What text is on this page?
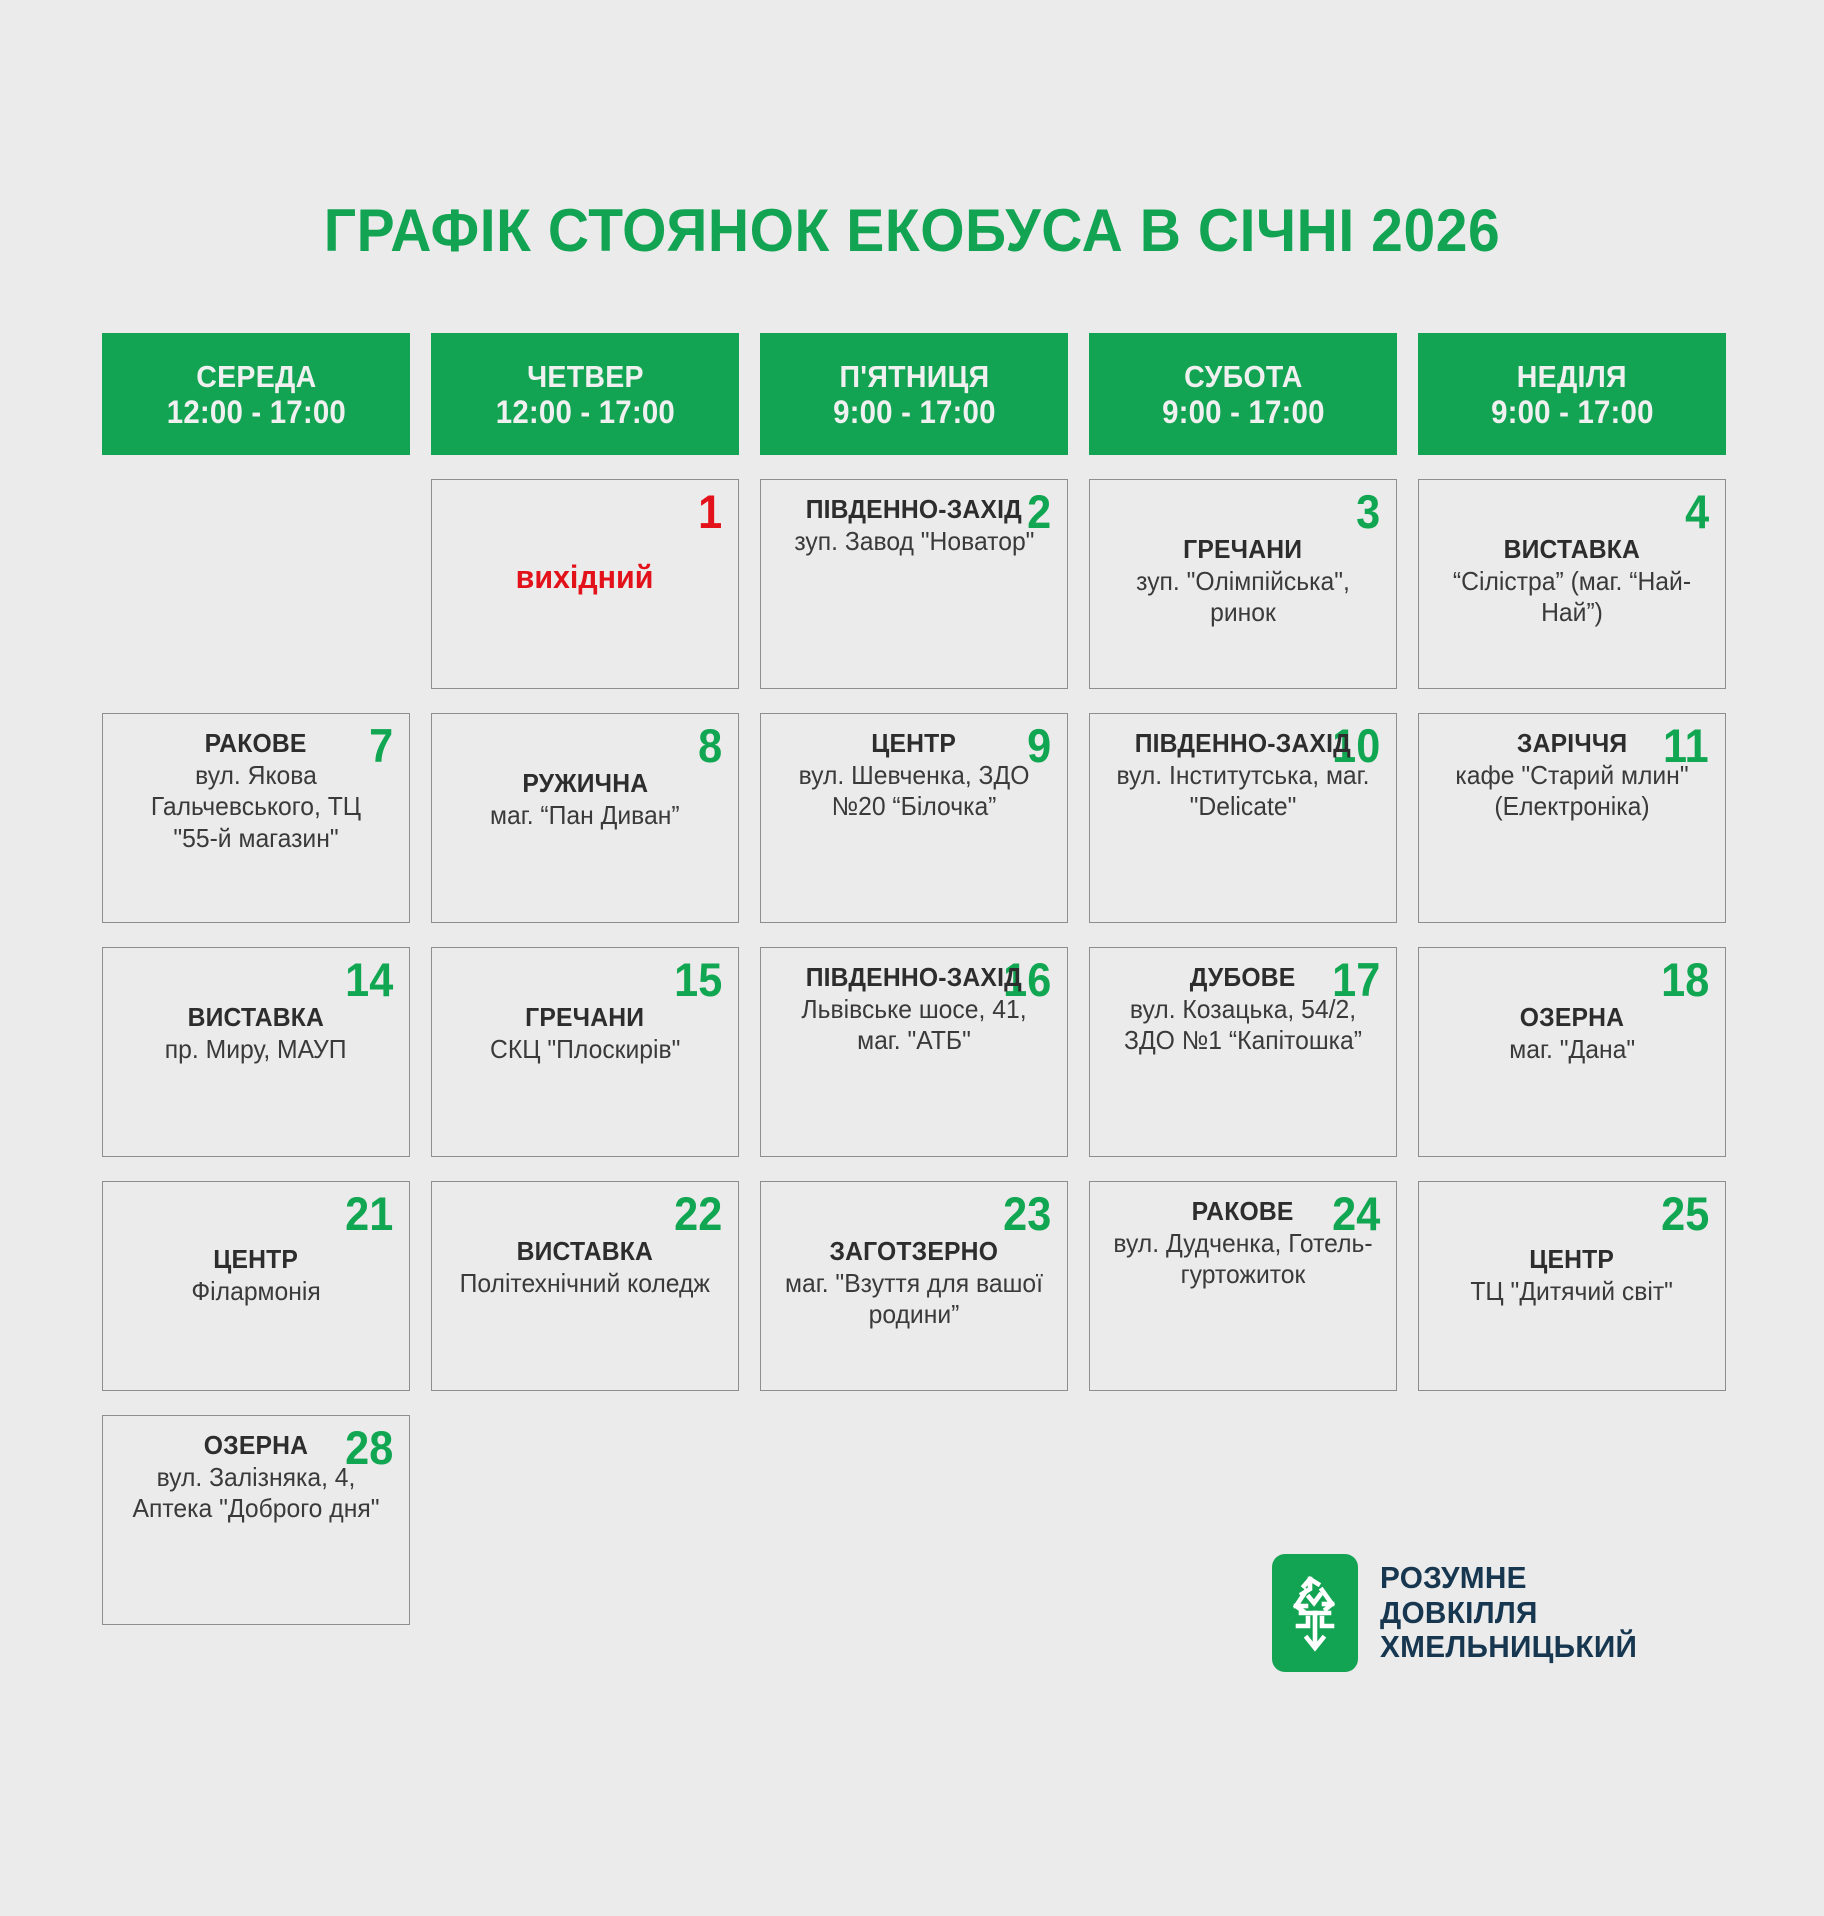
ГРАФІК СТОЯНОК ЕКОБУСА В СІЧНІ 2026
СЕРЕДА
12:00 - 17:00
ЧЕТВЕР
12:00 - 17:00
П'ЯТНИЦЯ
9:00 - 17:00
СУБОТА
9:00 - 17:00
НЕДІЛЯ
9:00 - 17:00
1
вихідний
2
ПІВДЕННО-ЗАХІД
зуп. Завод "Новатор"
3
ГРЕЧАНИ
зуп. "Олімпійська", ринок
4
ВИСТАВКА
“Сілістра” (маг. “Най-Най”)
7
РАКОВЕ
вул. Якова Гальчевського, ТЦ "55-й магазин"
8
РУЖИЧНА
маг. “Пан Диван”
9
ЦЕНТР
вул. Шевченка, ЗДО №20 “Білочка”
10
ПІВДЕННО-ЗАХІД
вул. Інститутська, маг. "Delicate"
11
ЗАРІЧЧЯ
кафе "Старий млин" (Електроніка)
14
ВИСТАВКА
пр. Миру, МАУП
15
ГРЕЧАНИ
СКЦ "Плоскирів"
16
ПІВДЕННО-ЗАХІД
Львівське шосе, 41, маг. "АТБ"
17
ДУБОВЕ
вул. Козацька, 54/2, ЗДО №1 “Капітошка”
18
ОЗЕРНА
маг. "Дана"
21
ЦЕНТР
Філармонія
22
ВИСТАВКА
Політехнічний коледж
23
ЗАГОТЗЕРНО
маг. "Взуття для вашої родини”
24
РАКОВЕ
вул. Дудченка, Готель-гуртожиток
25
ЦЕНТР
ТЦ "Дитячий світ"
28
ОЗЕРНА
вул. Залізняка, 4, Аптека "Доброго дня"
РОЗУМНЕ
ДОВКІЛЛЯ
ХМЕЛЬНИЦЬКИЙ
